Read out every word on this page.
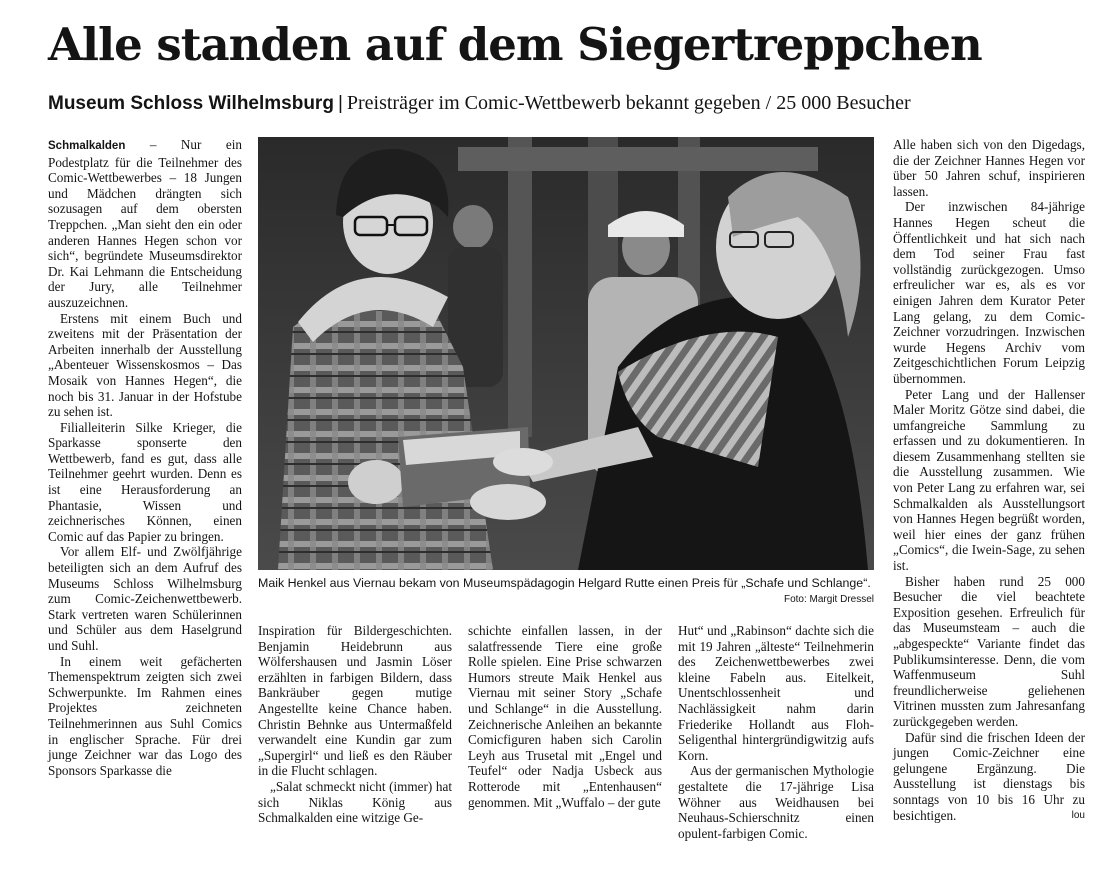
Alle standen auf dem Siegertreppchen
Museum Schloss Wilhelmsburg | Preisträger im Comic-Wettbewerb bekannt gegeben / 25 000 Besucher

Schmalkalden – Nur ein Podestplatz für die Teilnehmer des Comic-Wettbewerbes – 18 Jungen und Mädchen drängten sich sozusagen auf dem obersten Treppchen. „Man sieht den ein oder anderen Hannes Hegen schon vor sich“, begründete Museumsdirektor Dr. Kai Lehmann die Entscheidung der Jury, alle Teilnehmer auszuzeichnen.

Erstens mit einem Buch und zweitens mit der Präsentation der Arbeiten innerhalb der Ausstellung „Abenteuer Wissenskosmos – Das Mosaik von Hannes Hegen“, die noch bis 31. Januar in der Hofstube zu sehen ist.

Filialleiterin Silke Krieger, die Sparkasse sponserte den Wettbewerb, fand es gut, dass alle Teilnehmer geehrt wurden. Denn es ist eine Herausforderung an Phantasie, Wissen und zeichnerisches Können, einen Comic auf das Papier zu bringen.

Vor allem Elf- und Zwölfjährige beteiligten sich an dem Aufruf des Museums Schloss Wilhelmsburg zum Comic-Zeichenwettbewerb. Stark vertreten waren Schülerinnen und Schüler aus dem Haselgrund und Suhl.

In einem weit gefächerten Themenspektrum zeigten sich zwei Schwerpunkte. Im Rahmen eines Projektes zeichneten Teilnehmerinnen aus Suhl Comics in englischer Sprache. Für drei junge Zeichner war das Logo des Sponsors Sparkasse die

Maik Henkel aus Viernau bekam von Museumspädagogin Helgard Rutte einen Preis für „Schafe und Schlange“.
Foto: Margit Dressel

Inspiration für Bildergeschichten. Benjamin Heidebrunn aus Wölfershausen und Jasmin Löser erzählten in farbigen Bildern, dass Bankräuber gegen mutige Angestellte keine Chance haben. Christin Behnke aus Untermaßfeld verwandelt eine Kundin gar zum „Supergirl“ und ließ es den Räuber in die Flucht schlagen.

„Salat schmeckt nicht (immer) hat sich Niklas König aus Schmalkalden eine witzige Ge-

schichte einfallen lassen, in der salatfressende Tiere eine große Rolle spielen. Eine Prise schwarzen Humors streute Maik Henkel aus Viernau mit seiner Story „Schafe und Schlange“ in die Ausstellung. Zeichnerische Anleihen an bekannte Comicfiguren haben sich Carolin Leyh aus Trusetal mit „Engel und Teufel“ oder Nadja Usbeck aus Rotterode mit „Entenhausen“ genommen. Mit „Wuffalo – der gute

Hut“ und „Rabinson“ dachte sich die mit 19 Jahren „älteste“ Teilnehmerin des Zeichenwettbewerbes zwei kleine Fabeln aus. Eitelkeit, Unentschlossenheit und Nachlässigkeit nahm darin Friederike Hollandt aus Floh-Seligenthal hintergründigwitzig aufs Korn.

Aus der germanischen Mythologie gestaltete die 17-jährige Lisa Wöhner aus Weidhausen bei Neuhaus-Schierschnitz einen opulent-farbigen Comic.

Alle haben sich von den Digedags, die der Zeichner Hannes Hegen vor über 50 Jahren schuf, inspirieren lassen.

Der inzwischen 84-jährige Hannes Hegen scheut die Öffentlichkeit und hat sich nach dem Tod seiner Frau fast vollständig zurückgezogen. Umso erfreulicher war es, als es vor einigen Jahren dem Kurator Peter Lang gelang, zu dem Comic-Zeichner vorzudringen. Inzwischen wurde Hegens Archiv vom Zeitgeschichtlichen Forum Leipzig übernommen.

Peter Lang und der Hallenser Maler Moritz Götze sind dabei, die umfangreiche Sammlung zu erfassen und zu dokumentieren. In diesem Zusammenhang stellten sie die Ausstellung zusammen. Wie von Peter Lang zu erfahren war, sei Schmalkalden als Ausstellungsort von Hannes Hegen begrüßt worden, weil hier eines der ganz frühen „Comics“, die Iwein-Sage, zu sehen ist.

Bisher haben rund 25 000 Besucher die viel beachtete Exposition gesehen. Erfreulich für das Museumsteam – auch die „abgespeckte“ Variante findet das Publikumsinteresse. Denn, die vom Waffenmuseum Suhl freundlicherweise geliehenen Vitrinen mussten zum Jahresanfang zurückgegeben werden.

Dafür sind die frischen Ideen der jungen Comic-Zeichner eine gelungene Ergänzung. Die Ausstellung ist dienstags bis sonntags von 10 bis 16 Uhr zu besichtigen.	lou
